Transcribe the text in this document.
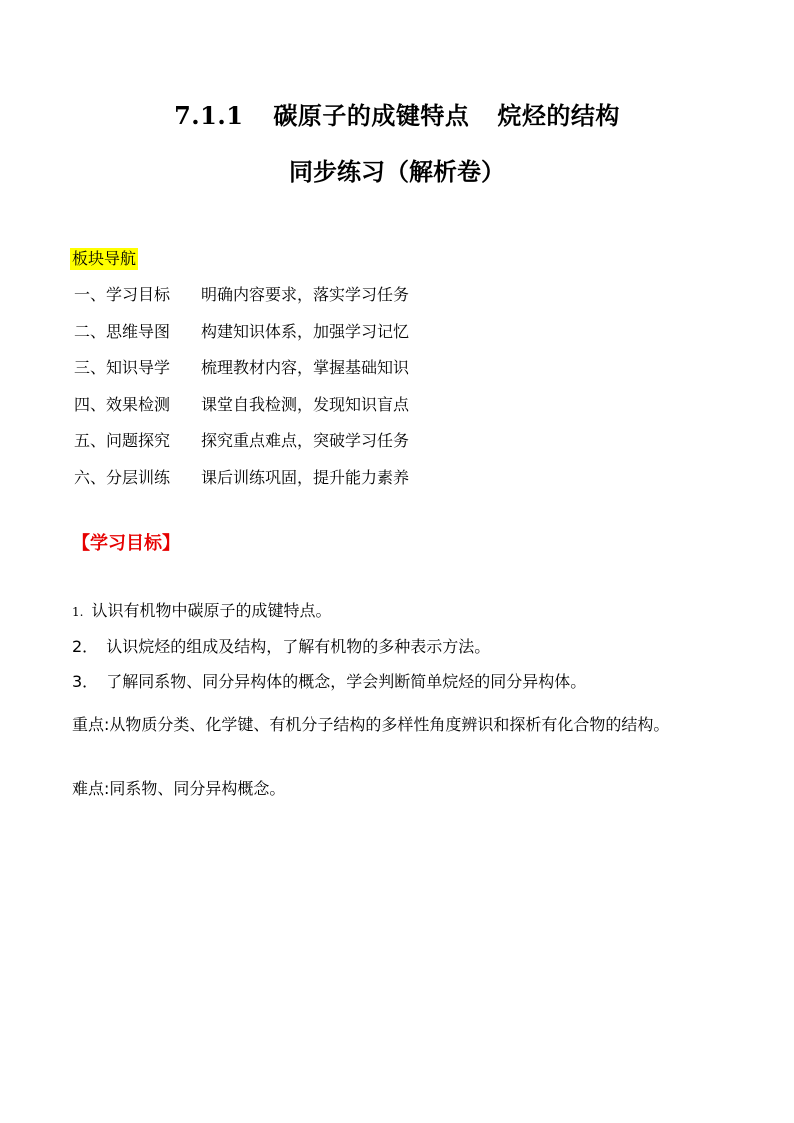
7.1.1 碳原子的成键特点 烷烃的结构
同步练习（解析卷）
板块导航
一、学习目标 明确内容要求，落实学习任务
二、思维导图 构建知识体系，加强学习记忆
三、知识导学 梳理教材内容，掌握基础知识
四、效果检测 课堂自我检测，发现知识盲点
五、问题探究 探究重点难点，突破学习任务
六、分层训练 课后训练巩固，提升能力素养
【学习目标】
1. 认识有机物中碳原子的成键特点。
2． 认识烷烃的组成及结构，了解有机物的多种表示方法。
3． 了解同系物、同分异构体的概念，学会判断简单烷烃的同分异构体。
重点:从物质分类、化学键、有机分子结构的多样性角度辨识和探析有化合物的结构。
难点:同系物、同分异构概念。
